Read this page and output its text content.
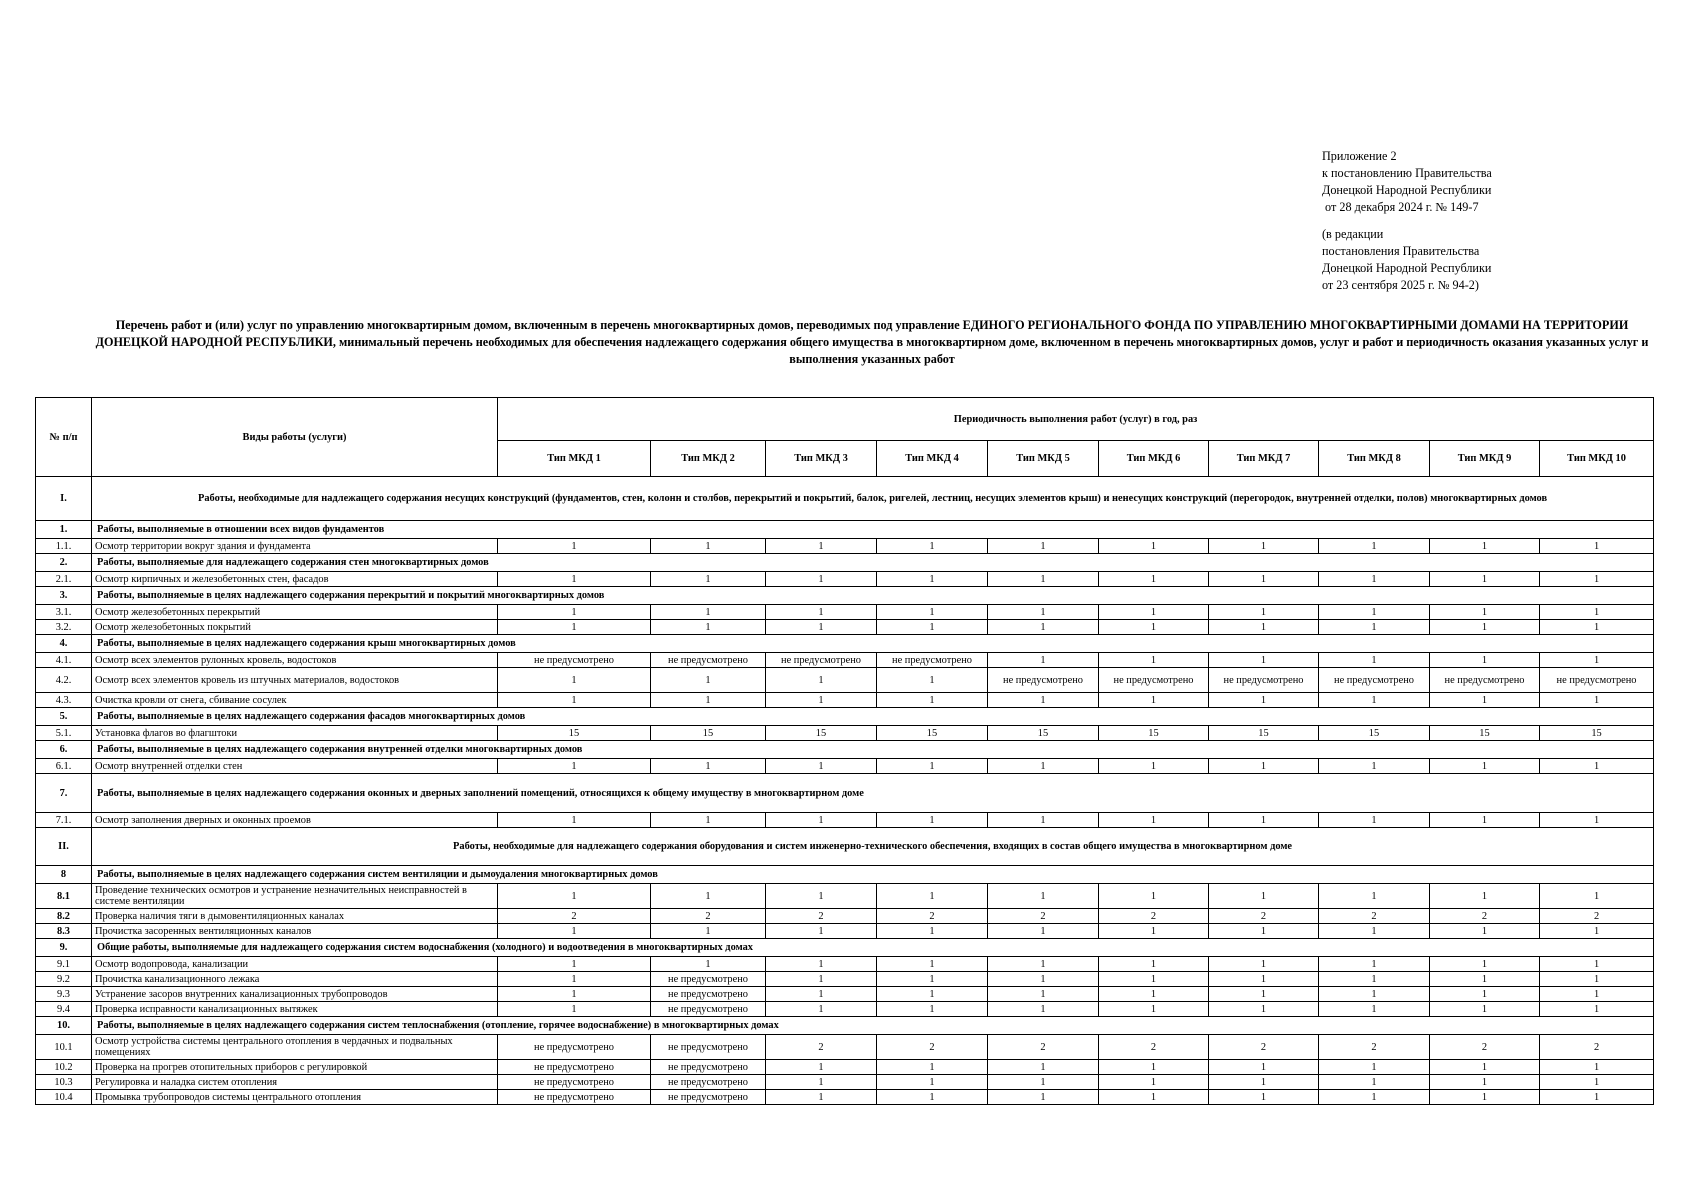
Приложение 2
к постановлению Правительства
Донецкой Народной Республики
от 28 декабря 2024 г. № 149-7
(в редакции
постановления Правительства
Донецкой Народной Республики
от 23 сентября 2025 г. № 94-2)
Перечень работ и (или) услуг по управлению многоквартирным домом, включенным в перечень многоквартирных домов, переводимых под управление ЕДИНОГО РЕГИОНАЛЬНОГО ФОНДА ПО УПРАВЛЕНИЮ МНОГОКВАРТИРНЫМИ ДОМАМИ НА ТЕРРИТОРИИ ДОНЕЦКОЙ НАРОДНОЙ РЕСПУБЛИКИ, минимальный перечень необходимых для обеспечения надлежащего содержания общего имущества в многоквартирном доме, включенном в перечень многоквартирных домов, услуг и работ и периодичность оказания указанных услуг и выполнения указанных работ
№ п/п	Виды работы (услуги)	Периодичность выполнения работ (услуг) в год, раз									
		Тип МКД 1	Тип МКД 2	Тип МКД 3	Тип МКД 4	Тип МКД 5	Тип МКД 6	Тип МКД 7	Тип МКД 8	Тип МКД 9	Тип МКД 10
I.	Работы, необходимые для надлежащего содержания несущих конструкций (фундаментов, стен, колонн и столбов, перекрытий и покрытий, балок, ригелей, лестниц, несущих элементов крыш) и ненесущих конструкций (перегородок, внутренней отделки, полов) многоквартирных домов										
1.	Работы, выполняемые в отношении всех видов фундаментов										
1.1.	Осмотр территории вокруг здания и фундамента	1	1	1	1	1	1	1	1	1	1
2.	Работы, выполняемые для надлежащего содержания стен многоквартирных домов										
2.1.	Осмотр кирпичных и железобетонных стен, фасадов	1	1	1	1	1	1	1	1	1	1
3.	Работы, выполняемые в целях надлежащего содержания перекрытий и покрытий многоквартирных домов										
3.1.	Осмотр железобетонных перекрытий	1	1	1	1	1	1	1	1	1	1
3.2.	Осмотр железобетонных покрытий	1	1	1	1	1	1	1	1	1	1
4.	Работы, выполняемые в целях надлежащего содержания крыш многоквартирных домов										
4.1.	Осмотр всех элементов рулонных кровель, водостоков	не предусмотрено	не предусмотрено	не предусмотрено	не предусмотрено	1	1	1	1	1	1
4.2.	Осмотр всех элементов кровель из штучных материалов, водостоков	1	1	1	1	не предусмотрено	не предусмотрено	не предусмотрено	не предусмотрено	не предусмотрено	не предусмотрено
4.3.	Очистка кровли от снега, сбивание сосулек	1	1	1	1	1	1	1	1	1	1
5.	Работы, выполняемые в целях надлежащего содержания фасадов многоквартирных домов										
5.1.	Установка флагов во флагштоки	15	15	15	15	15	15	15	15	15	15
6.	Работы, выполняемые в целях надлежащего содержания внутренней отделки многоквартирных домов										
6.1.	Осмотр внутренней отделки стен	1	1	1	1	1	1	1	1	1	1
7.	Работы, выполняемые в целях надлежащего содержания оконных и дверных заполнений помещений, относящихся к общему имуществу в многоквартирном доме										
7.1.	Осмотр заполнения дверных и оконных проемов	1	1	1	1	1	1	1	1	1	1
II.	Работы, необходимые для надлежащего содержания оборудования и систем инженерно-технического обеспечения, входящих в состав общего имущества в многоквартирном доме										
8	Работы, выполняемые в целях надлежащего содержания систем вентиляции и дымоудаления многоквартирных домов										
8.1	Проведение технических осмотров и устранение незначительных неисправностей в системе вентиляции	1	1	1	1	1	1	1	1	1	1
8.2	Проверка наличия тяги в дымовентиляционных каналах	2	2	2	2	2	2	2	2	2	2
8.3	Прочистка засоренных вентиляционных каналов	1	1	1	1	1	1	1	1	1	1
9.	Общие работы, выполняемые для надлежащего содержания систем водоснабжения (холодного) и водоотведения в многоквартирных домах										
9.1	Осмотр водопровода, канализации	1	1	1	1	1	1	1	1	1	1
9.2	Прочистка канализационного лежака	1	не предусмотрено	1	1	1	1	1	1	1	1
9.3	Устранение засоров внутренних канализационных трубопроводов	1	не предусмотрено	1	1	1	1	1	1	1	1
9.4	Проверка исправности канализационных вытяжек	1	не предусмотрено	1	1	1	1	1	1	1	1
10.	Работы, выполняемые в целях надлежащего содержания систем теплоснабжения (отопление, горячее водоснабжение) в многоквартирных домах										
10.1	Осмотр устройства системы центрального отопления в чердачных и подвальных помещениях	не предусмотрено	не предусмотрено	2	2	2	2	2	2	2	2
10.2	Проверка на прогрев отопительных приборов с регулировкой	не предусмотрено	не предусмотрено	1	1	1	1	1	1	1	1
10.3	Регулировка и наладка систем отопления	не предусмотрено	не предусмотрено	1	1	1	1	1	1	1	1
10.4	Промывка трубопроводов системы центрального отопления	не предусмотрено	не предусмотрено	1	1	1	1	1	1	1	1
